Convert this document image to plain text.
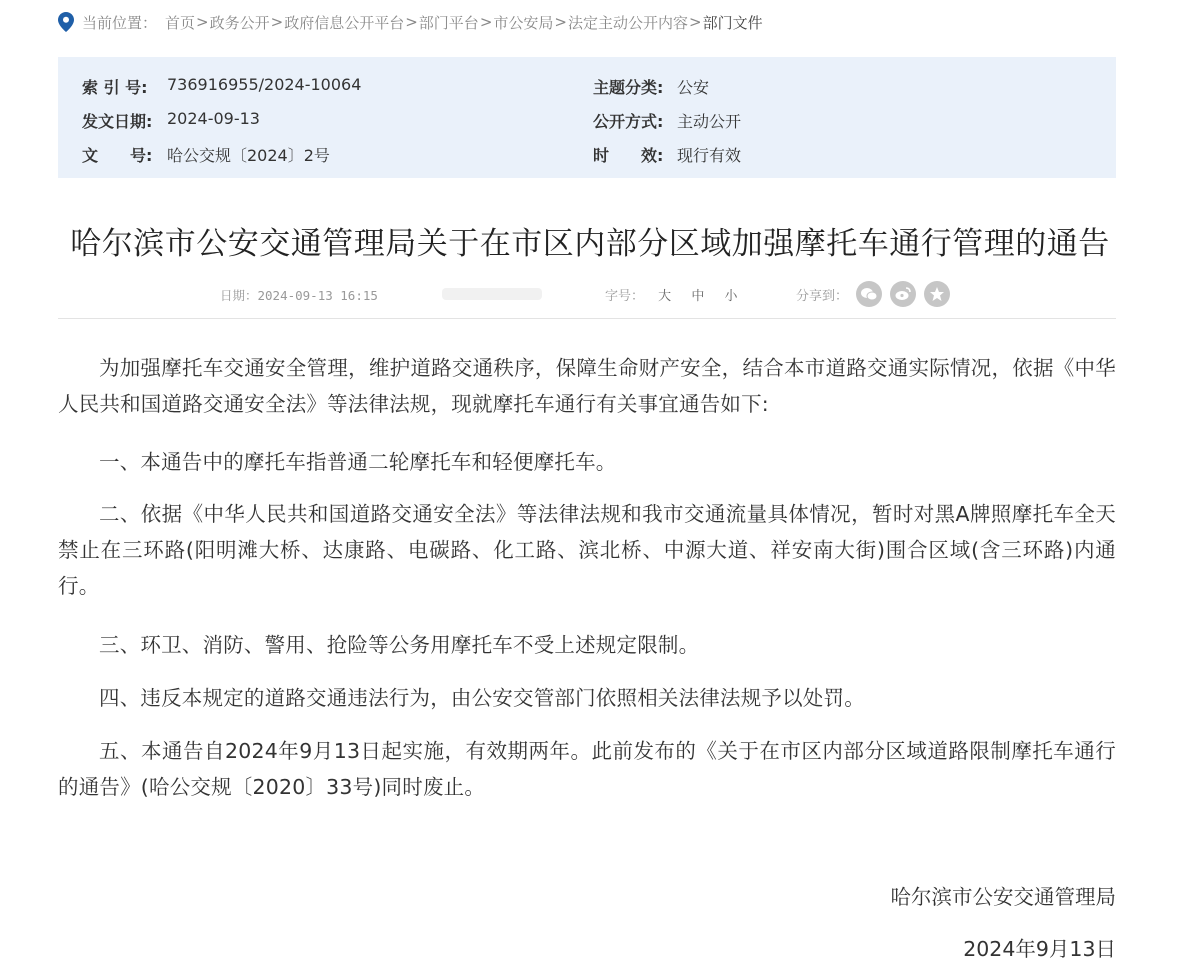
当前位置： 首页 > 政务公开 > 政府信息公开平台 > 部门平台 > 市公安局 > 法定主动公开内容 > 部门文件
索 引 号: 736916955/2024-10064	主题分类: 公安
发文日期: 2024-09-13	公开方式: 主动公开
文　　号: 哈公交规〔2024〕2号	时　　效: 现行有效
哈尔滨市公安交通管理局关于在市区内部分区域加强摩托车通行管理的通告
日期：2024-09-13 16:15	字号： 大 中 小	分享到：

为加强摩托车交通安全管理，维护道路交通秩序，保障生命财产安全，结合本市道路交通实际情况，依据《中华人民共和国道路交通安全法》等法律法规，现就摩托车通行有关事宜通告如下:

一、本通告中的摩托车指普通二轮摩托车和轻便摩托车。

二、依据《中华人民共和国道路交通安全法》等法律法规和我市交通流量具体情况，暂时对黑A牌照摩托车全天禁止在三环路(阳明滩大桥、达康路、电碳路、化工路、滨北桥、中源大道、祥安南大街)围合区域(含三环路)内通行。

三、环卫、消防、警用、抢险等公务用摩托车不受上述规定限制。

四、违反本规定的道路交通违法行为，由公安交管部门依照相关法律法规予以处罚。

五、本通告自2024年9月13日起实施，有效期两年。此前发布的《关于在市区内部分区域道路限制摩托车通行的通告》(哈公交规〔2020〕33号)同时废止。

哈尔滨市公安交通管理局
2024年9月13日
